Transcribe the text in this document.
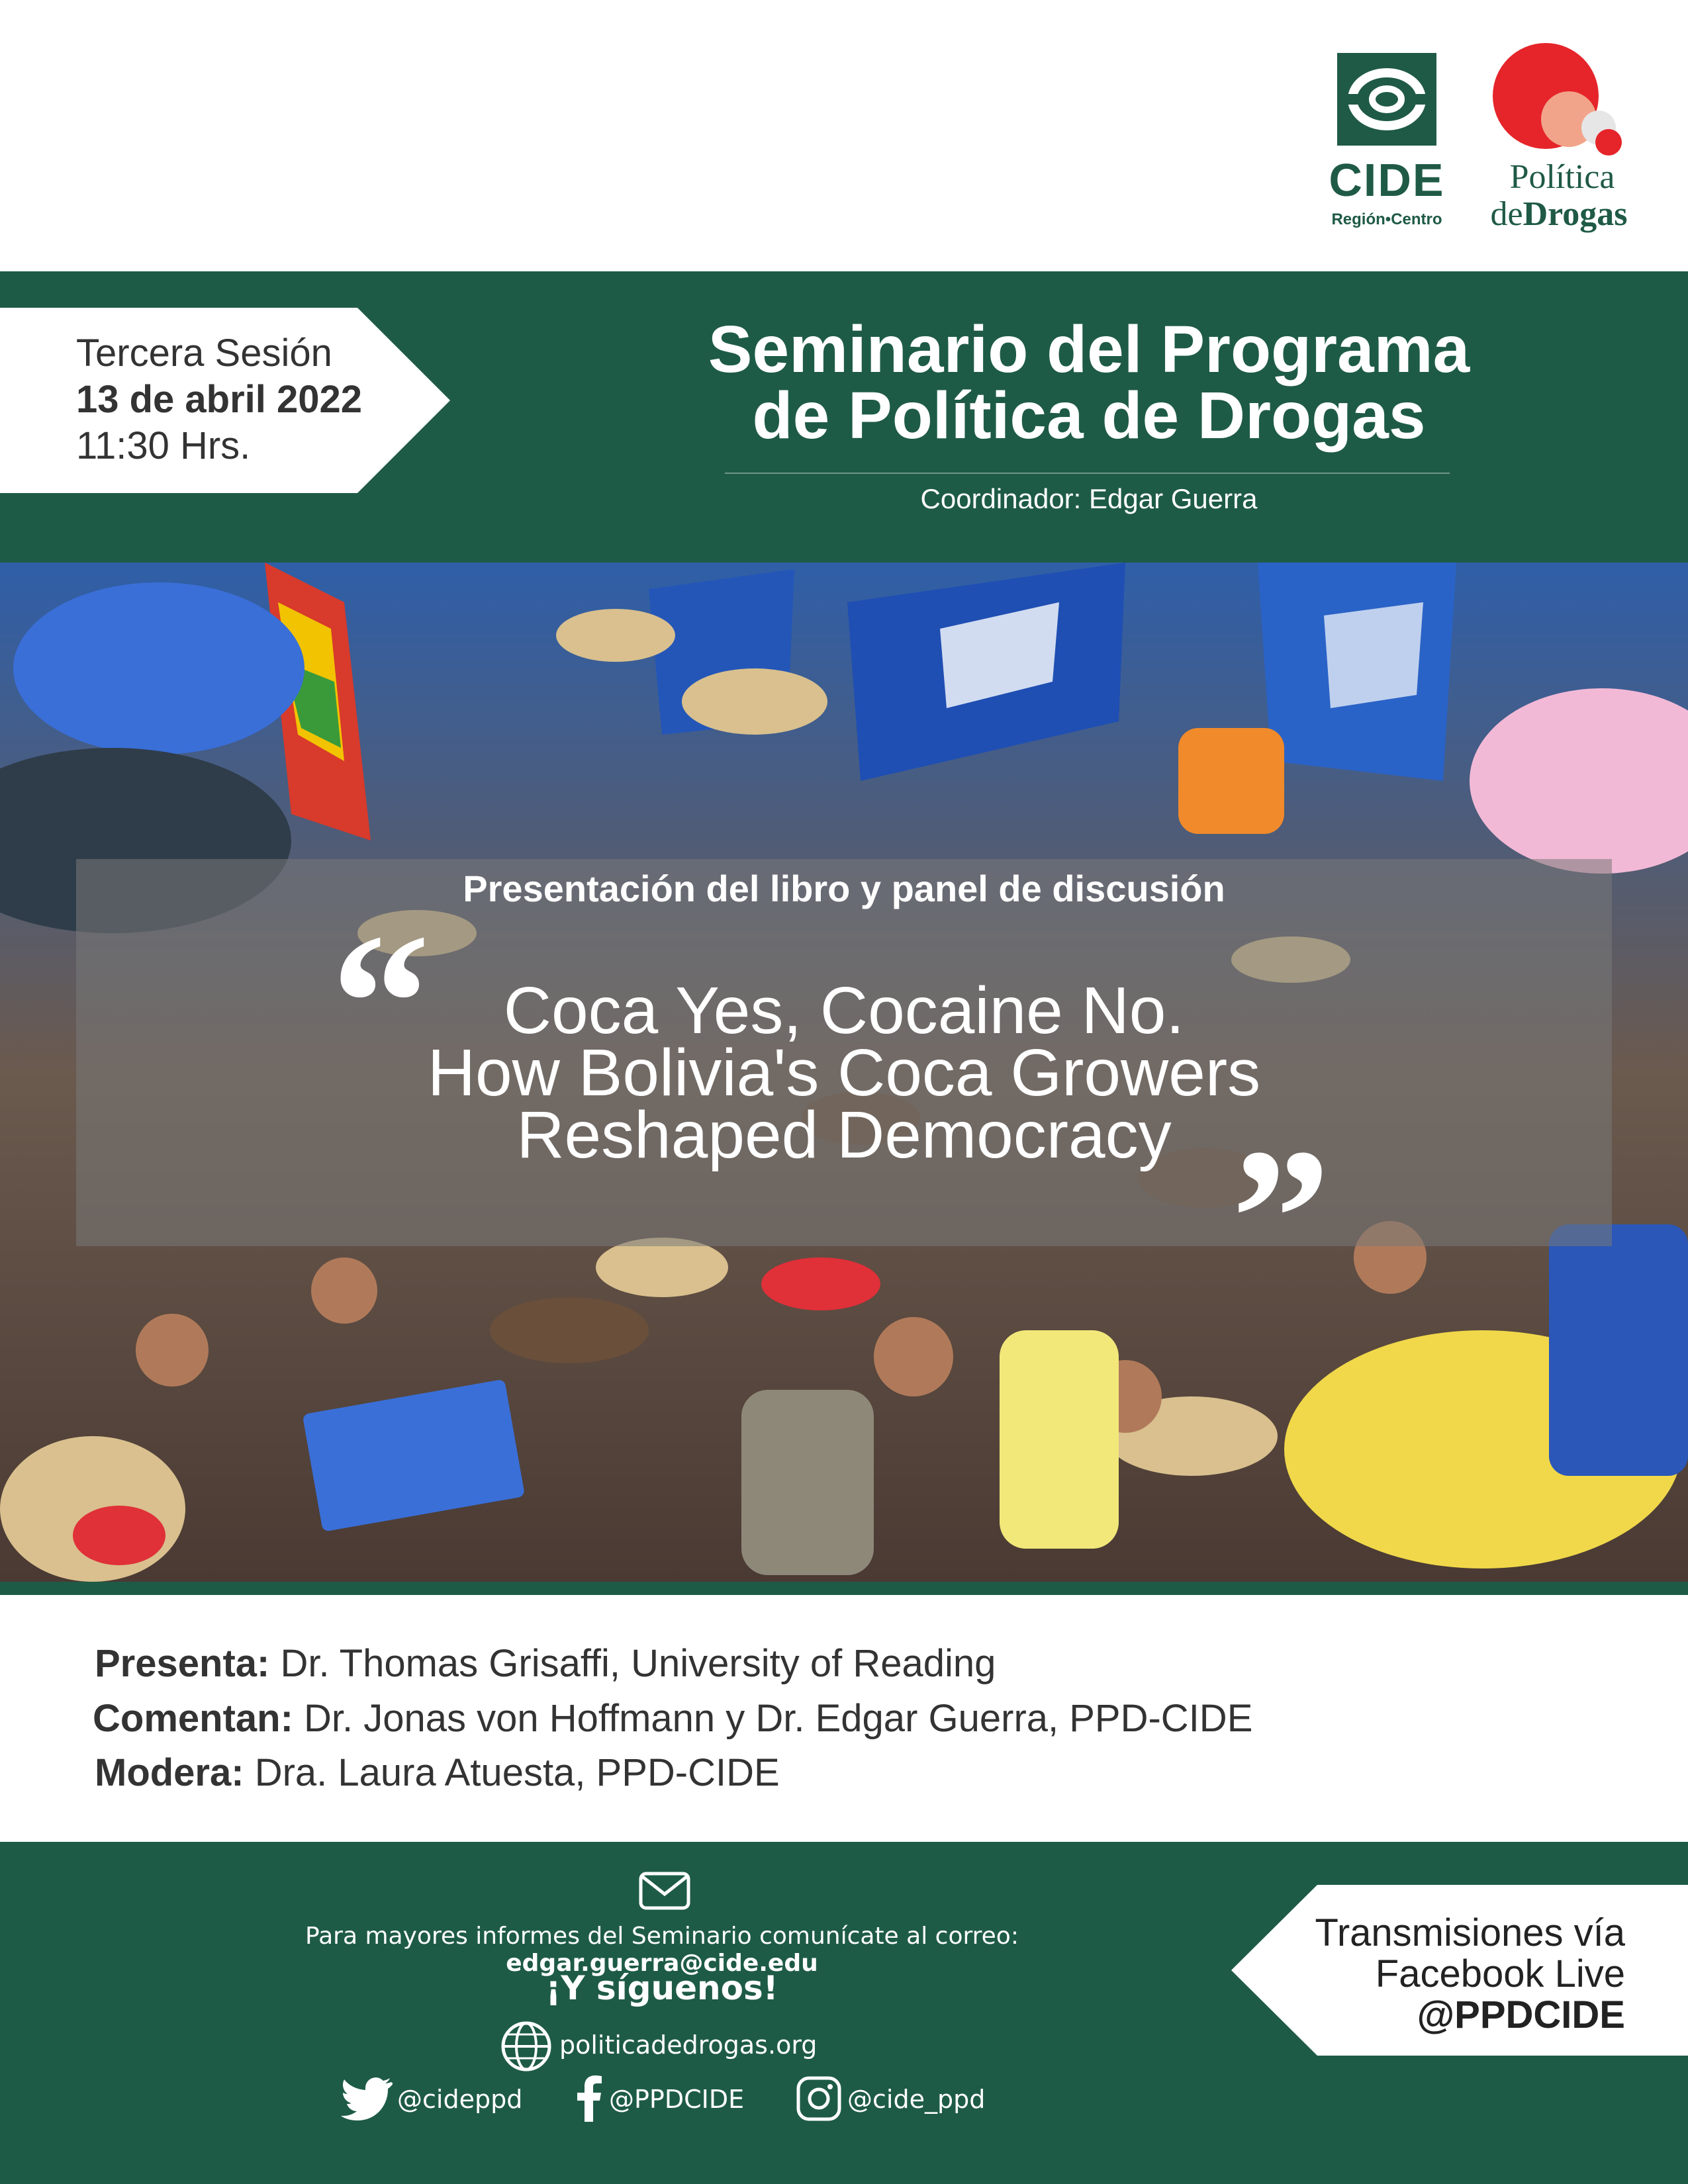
CIDE
Región•Centro
Política
deDrogas
Tercera Sesión
13 de abril 2022
11:30 Hrs.
Seminario del Programa
de Política de Drogas
Coordinador: Edgar Guerra
Presentación del libro y panel de discusión
“
”
Coca Yes, Cocaine No.
How Bolivia's Coca Growers
Reshaped Democracy
Presenta: Dr. Thomas Grisaffi, University of Reading
Comentan: Dr. Jonas von Hoffmann y Dr. Edgar Guerra, PPD-CIDE
Modera: Dra. Laura Atuesta, PPD-CIDE
Para mayores informes del Seminario comunícate al correo: edgar.guerra@cide.edu
¡Y síguenos!
politicadedrogas.org
@cideppd	@PPDCIDE	@cide_ppd
Transmisiones vía
Facebook Live
@PPDCIDE
